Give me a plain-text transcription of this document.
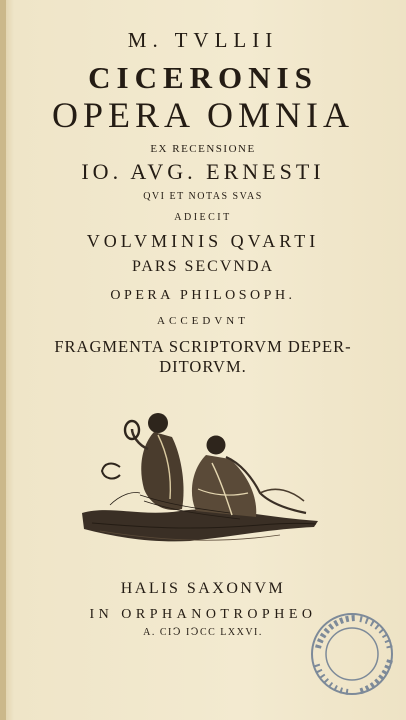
M. TVLLII
CICERONIS
OPERA OMNIA
EX RECENSIONE
IO. AVG. ERNESTI
QVI ET NOTAS SVAS
ADIECIT
VOLVMINIS QVARTI
PARS SECVNDA
OPERA PHILOSOPH.
ACCEDVNT
FRAGMENTA SCRIPTORVM DEPER-
DITORVM.
HALIS SAXONVM
IN ORPHANOTROPHEO
A. CIↃ IↃCC LXXVI.
